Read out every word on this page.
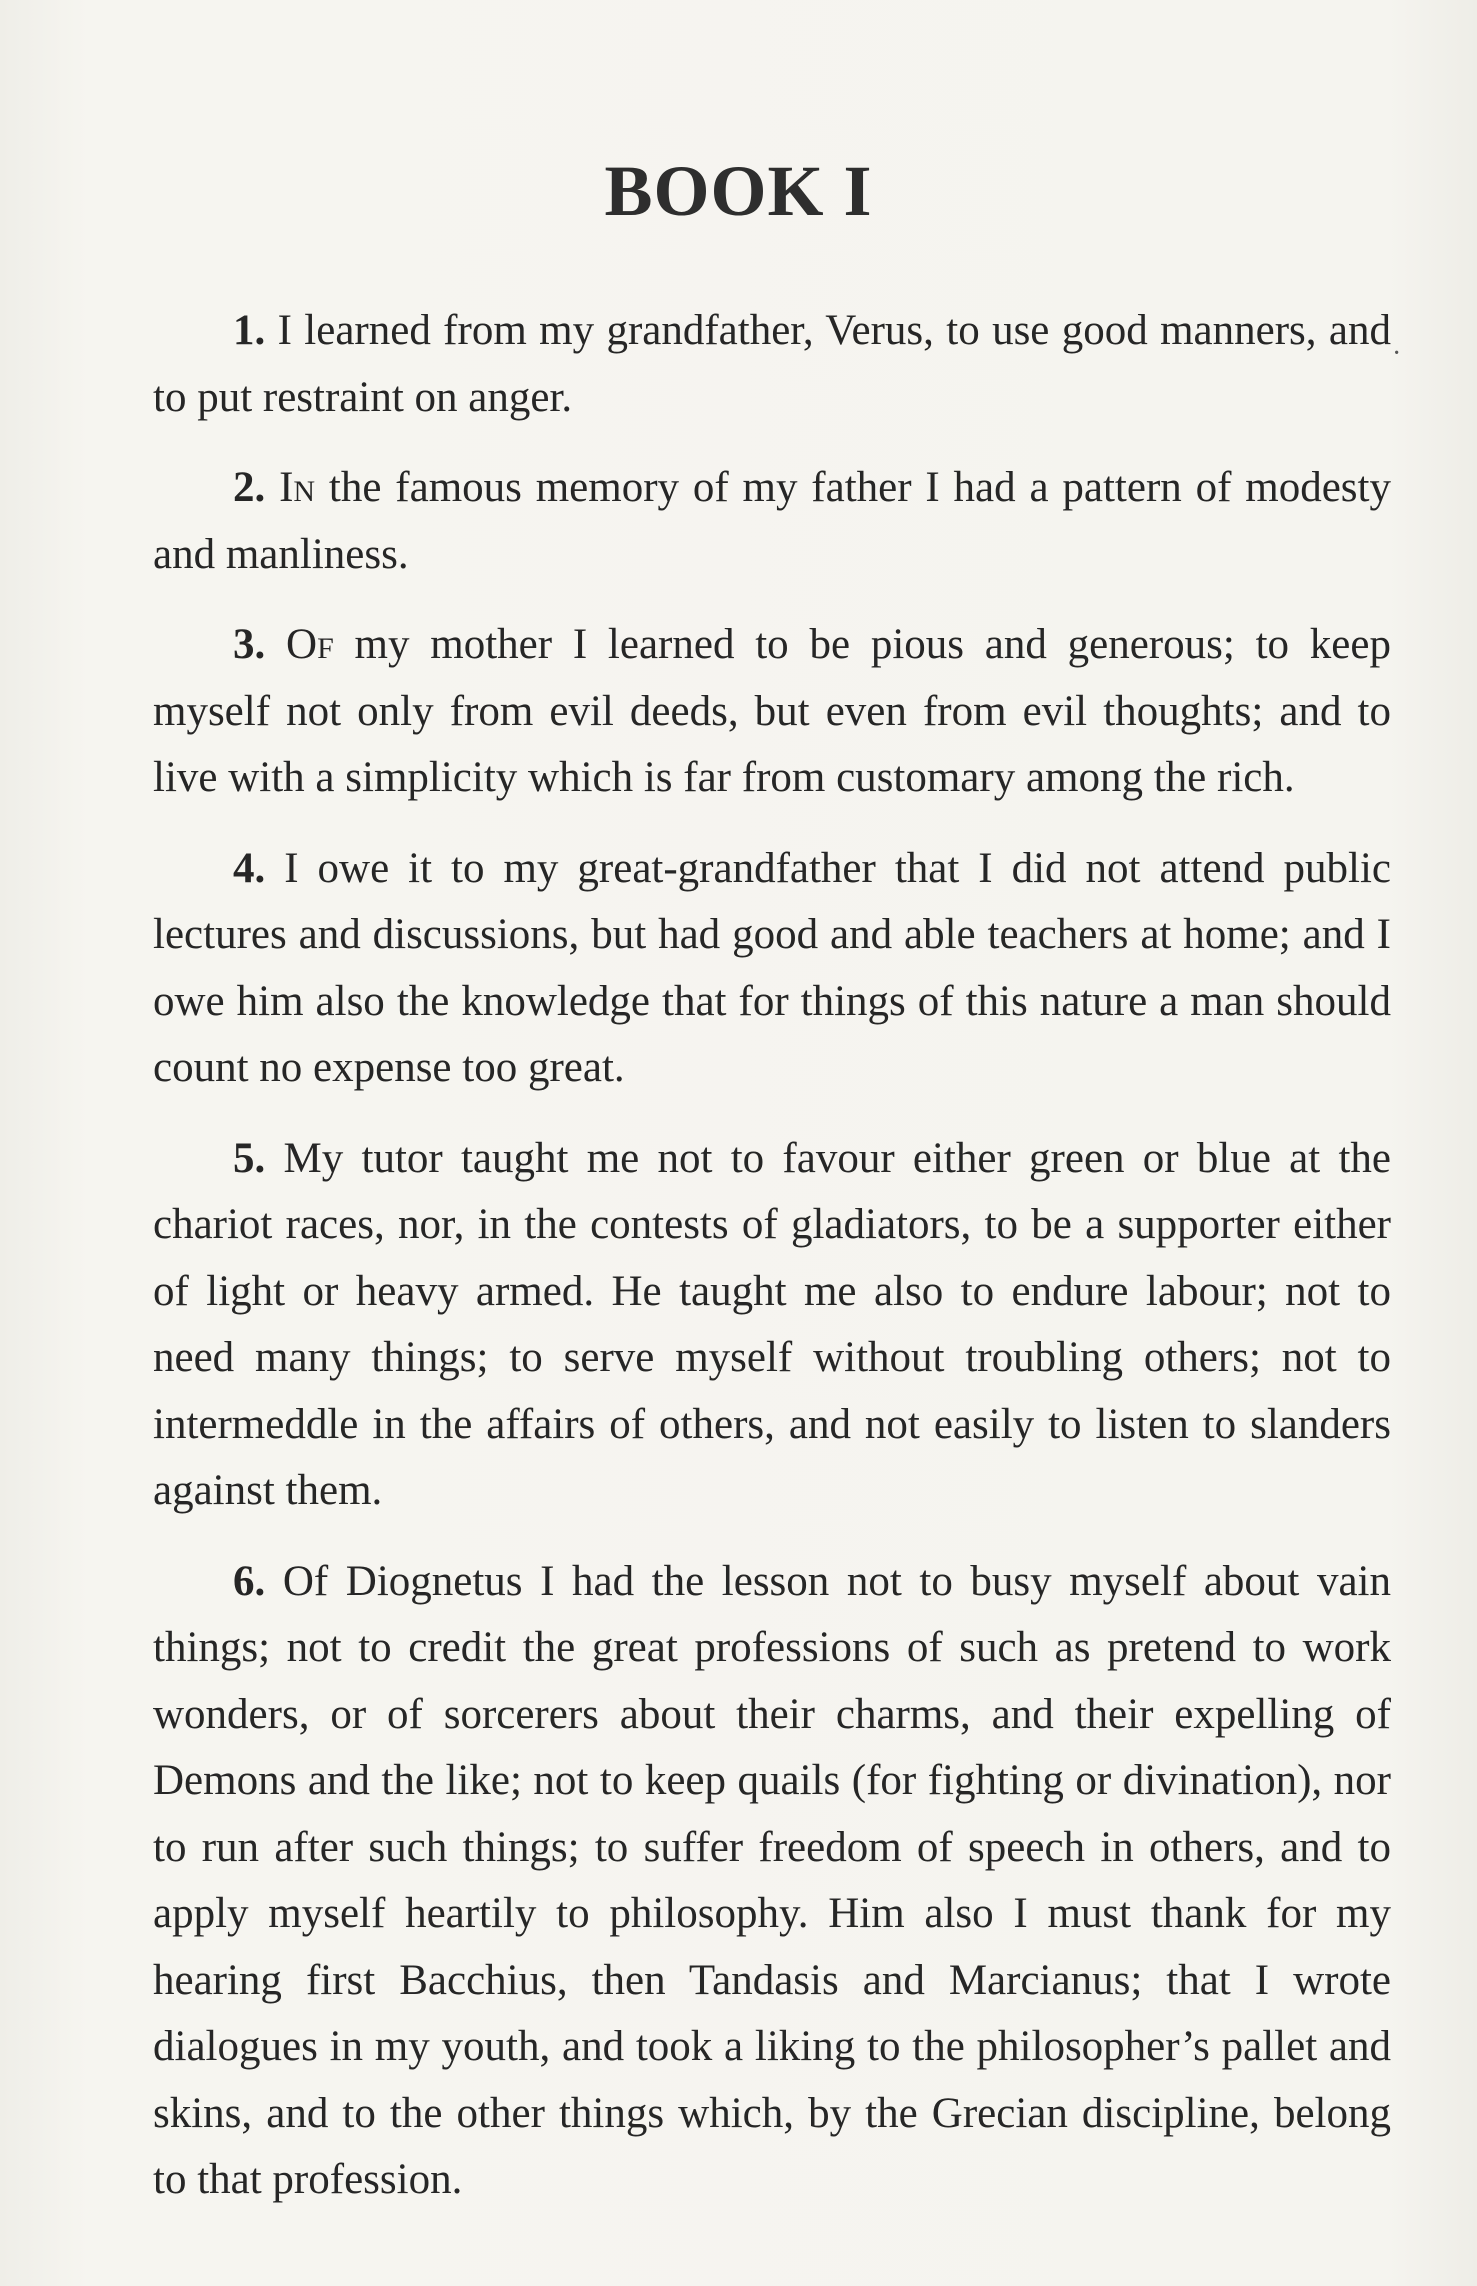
BOOK I

1. I learned from my grandfather, Verus, to use good manners, and to put restraint on anger.

2. In the famous memory of my father I had a pattern of modesty and manliness.

3. Of my mother I learned to be pious and generous; to keep myself not only from evil deeds, but even from evil thoughts; and to live with a simplicity which is far from customary among the rich.

4. I owe it to my great-grandfather that I did not attend public lectures and discussions, but had good and able teachers at home; and I owe him also the knowledge that for things of this nature a man should count no expense too great.

5. My tutor taught me not to favour either green or blue at the chariot races, nor, in the contests of gladiators, to be a supporter either of light or heavy armed. He taught me also to endure labour; not to need many things; to serve myself without troubling others; not to intermeddle in the affairs of others, and not easily to listen to slanders against them.

6. Of Diognetus I had the lesson not to busy myself about vain things; not to credit the great professions of such as pretend to work wonders, or of sorcerers about their charms, and their expelling of Demons and the like; not to keep quails (for fighting or divination), nor to run after such things; to suffer freedom of speech in others, and to apply myself heartily to philosophy. Him also I must thank for my hearing first Bacchius, then Tandasis and Marcianus; that I wrote dialogues in my youth, and took a liking to the philosopher’s pallet and skins, and to the other things which, by the Grecian discipline, belong to that profession.

·
